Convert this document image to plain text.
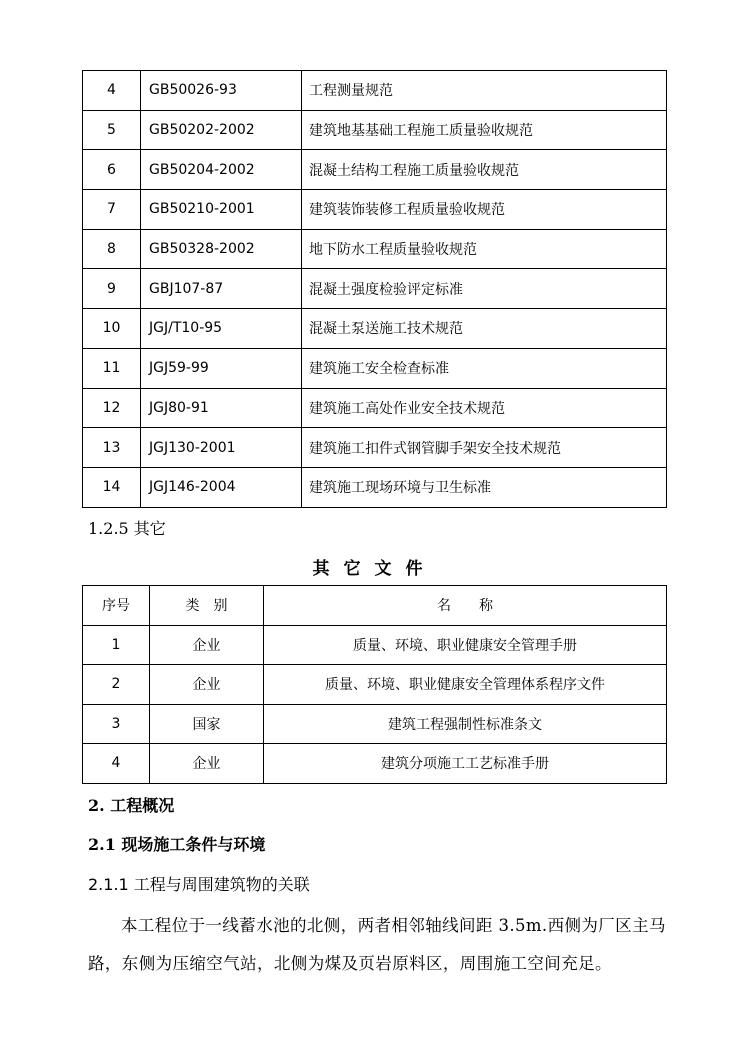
4	GB50026-93	工程测量规范
5	GB50202-2002	建筑地基基础工程施工质量验收规范
6	GB50204-2002	混凝土结构工程施工质量验收规范
7	GB50210-2001	建筑装饰装修工程质量验收规范
8	GB50328-2002	地下防水工程质量验收规范
9	GBJ107-87	混凝土强度检验评定标准
10	JGJ/T10-95	混凝土泵送施工技术规范
11	JGJ59-99	建筑施工安全检查标准
12	JGJ80-91	建筑施工高处作业安全技术规范
13	JGJ130-2001	建筑施工扣件式钢管脚手架安全技术规范
14	JGJ146-2004	建筑施工现场环境与卫生标准
1.2.5 其它
其它文件
序号	类　别	名　　称
1	企业	质量、环境、职业健康安全管理手册
2	企业	质量、环境、职业健康安全管理体系程序文件
3	国家	建筑工程强制性标准条文
4	企业	建筑分项施工工艺标准手册
2. 工程概况
2.1 现场施工条件与环境
2.1.1 工程与周围建筑物的关联
本工程位于一线蓄水池的北侧，两者相邻轴线间距 3.5m.西侧为厂区主马路，东侧为压缩空气站，北侧为煤及页岩原料区，周围施工空间充足。
